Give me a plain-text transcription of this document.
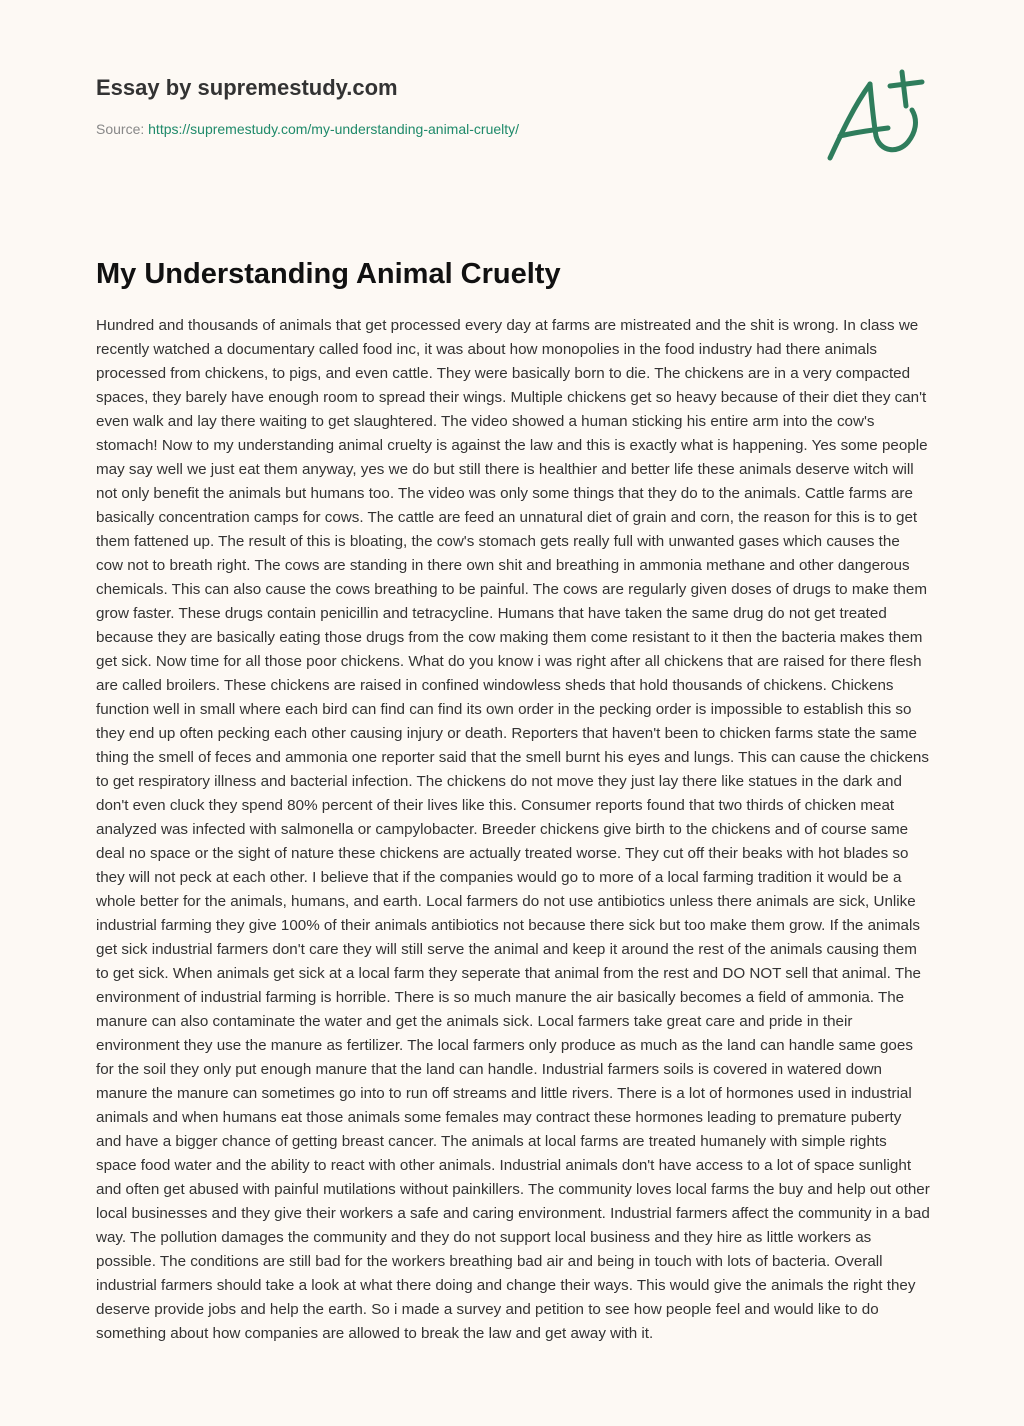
Essay by supremestudy.com
Source: https://supremestudy.com/my-understanding-animal-cruelty/
My Understanding Animal Cruelty

Hundred and thousands of animals that get processed every day at farms are mistreated and the shit is wrong. In class we recently watched a documentary called food inc, it was about how monopolies in the food industry had there animals processed from chickens, to pigs, and even cattle. They were basically born to die. The chickens are in a very compacted spaces, they barely have enough room to spread their wings. Multiple chickens get so heavy because of their diet they can't even walk and lay there waiting to get slaughtered. The video showed a human sticking his entire arm into the cow's stomach! Now to my understanding animal cruelty is against the law and this is exactly what is happening. Yes some people may say well we just eat them anyway, yes we do but still there is healthier and better life these animals deserve witch will not only benefit the animals but humans too. The video was only some things that they do to the animals. Cattle farms are basically concentration camps for cows. The cattle are feed an unnatural diet of grain and corn, the reason for this is to get them fattened up. The result of this is bloating, the cow's stomach gets really full with unwanted gases which causes the cow not to breath right. The cows are standing in there own shit and breathing in ammonia methane and other dangerous chemicals. This can also cause the cows breathing to be painful. The cows are regularly given doses of drugs to make them grow faster. These drugs contain penicillin and tetracycline. Humans that have taken the same drug do not get treated because they are basically eating those drugs from the cow making them come resistant to it then the bacteria makes them get sick. Now time for all those poor chickens. What do you know i was right after all chickens that are raised for there flesh are called broilers. These chickens are raised in confined windowless sheds that hold thousands of chickens. Chickens function well in small where each bird can find can find its own order in the pecking order is impossible to establish this so they end up often pecking each other causing injury or death. Reporters that haven't been to chicken farms state the same thing the smell of feces and ammonia one reporter said that the smell burnt his eyes and lungs. This can cause the chickens to get respiratory illness and bacterial infection. The chickens do not move they just lay there like statues in the dark and don't even cluck they spend 80% percent of their lives like this. Consumer reports found that two thirds of chicken meat analyzed was infected with salmonella or campylobacter. Breeder chickens give birth to the chickens and of course same deal no space or the sight of nature these chickens are actually treated worse. They cut off their beaks with hot blades so they will not peck at each other. I believe that if the companies would go to more of a local farming tradition it would be a whole better for the animals, humans, and earth. Local farmers do not use antibiotics unless there animals are sick, Unlike industrial farming they give 100% of their animals antibiotics not because there sick but too make them grow. If the animals get sick industrial farmers don't care they will still serve the animal and keep it around the rest of the animals causing them to get sick. When animals get sick at a local farm they seperate that animal from the rest and DO NOT sell that animal. The environment of industrial farming is horrible. There is so much manure the air basically becomes a field of ammonia. The manure can also contaminate the water and get the animals sick. Local farmers take great care and pride in their environment they use the manure as fertilizer. The local farmers only produce as much as the land can handle same goes for the soil they only put enough manure that the land can handle. Industrial farmers soils is covered in watered down manure the manure can sometimes go into to run off streams and little rivers. There is a lot of hormones used in industrial animals and when humans eat those animals some females may contract these hormones leading to premature puberty and have a bigger chance of getting breast cancer. The animals at local farms are treated humanely with simple rights space food water and the ability to react with other animals. Industrial animals don't have access to a lot of space sunlight and often get abused with painful mutilations without painkillers. The community loves local farms the buy and help out other local businesses and they give their workers a safe and caring environment. Industrial farmers affect the community in a bad way. The pollution damages the community and they do not support local business and they hire as little workers as possible. The conditions are still bad for the workers breathing bad air and being in touch with lots of bacteria. Overall industrial farmers should take a look at what there doing and change their ways. This would give the animals the right they deserve provide jobs and help the earth. So i made a survey and petition to see how people feel and would like to do something about how companies are allowed to break the law and get away with it.
